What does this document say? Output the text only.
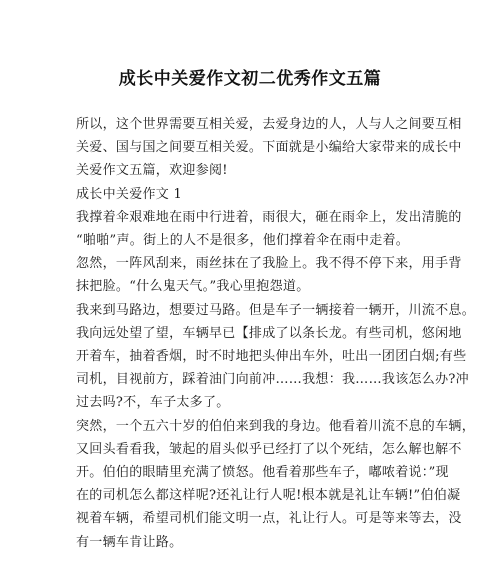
成长中关爱作文初二优秀作文五篇

所以，这个世界需要互相关爱，去爱身边的人，人与人之间要互相

关爱、国与国之间要互相关爱。下面就是小编给大家带来的成长中

关爱作文五篇，欢迎参阅!

成长中关爱作文 1

我撑着伞艰难地在雨中行进着，雨很大，砸在雨伞上，发出清脆的

“啪啪”声。街上的人不是很多，他们撑着伞在雨中走着。

忽然，一阵风刮来，雨丝抹在了我脸上。我不得不停下来，用手背

抹把脸。“什么鬼天气。”我心里抱怨道。

我来到马路边，想要过马路。但是车子一辆接着一辆开，川流不息。

我向远处望了望，车辆早已【排成了以条长龙。有些司机，悠闲地

开着车，抽着香烟，时不时地把头伸出车外，吐出一团团白烟;有些

司机，目视前方，踩着油门向前冲……我想：我……我该怎么办?冲

过去吗?不，车子太多了。

突然，一个五六十岁的伯伯来到我的身边。他看着川流不息的车辆，

又回头看看我，皱起的眉头似乎已经打了以个死结，怎么解也解不

开。伯伯的眼睛里充满了愤怒。他看着那些车子，嘟哝着说：”现

在的司机怎么都这样呢?还礼让行人呢!根本就是礼让车辆!”伯伯凝

视着车辆，希望司机们能文明一点，礼让行人。可是等来等去，没

有一辆车肯让路。
